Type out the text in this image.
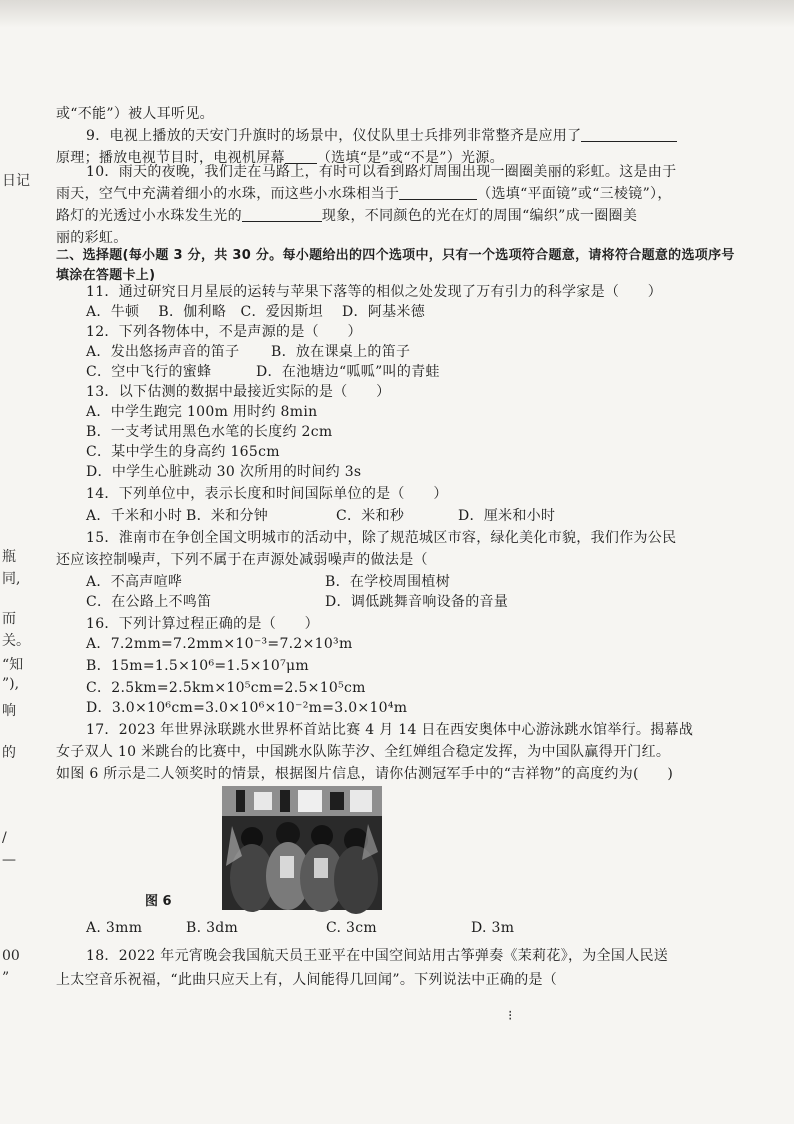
日记
瓶
同,
而
关。
“知
”),
响
的
/
—
00
”
或“不能”）被人耳听见。
9．电视上播放的天安门升旗时的场景中，仪仗队里士兵排列非常整齐是应用了
原理；播放电视节目时，电视机屏幕 （选填“是”或“不是”）光源。
10．雨天的夜晚，我们走在马路上，有时可以看到路灯周围出现一圈圈美丽的彩虹。这是由于
雨天，空气中充满着细小的水珠，而这些小水珠相当于	（选填“平面镜”或“三棱镜”），
路灯的光透过小水珠发生光的	现象，不同颜色的光在灯的周围“编织”成一圈圈美
丽的彩虹。
二、选择题(每小题 3 分，共 30 分。每小题给出的四个选项中，只有一个选项符合题意，请将符合题意的选项序号
填涂在答题卡上)
11．通过研究日月星辰的运转与苹果下落等的相似之处发现了万有引力的科学家是（　　）
A．牛顿　 B．伽利略　C．爱因斯坦　 D．阿基米德
12．下列各物体中，不是声源的是（　　）
A．发出悠扬声音的笛子 B．放在课桌上的笛子
C．空中飞行的蜜蜂	D．在池塘边“呱呱”叫的青蛙
13．以下估测的数据中最接近实际的是（　　）
A．中学生跑完 100m 用时约 8min
B．一支考试用黑色水笔的长度约 2cm
C．某中学生的身高约 165cm
D．中学生心脏跳动 30 次所用的时间约 3s
14．下列单位中，表示长度和时间国际单位的是（　　）
A．千米和小时 B．米和分钟	C．米和秒	D．厘米和小时
15．淮南市在争创全国文明城市的活动中，除了规范城区市容，绿化美化市貌，我们作为公民
还应该控制噪声，下列不属于在声源处减弱噪声的做法是（
A．不高声喧哗	B．在学校周围植树
C．在公路上不鸣笛	D．调低跳舞音响设备的音量
16．下列计算过程正确的是（　　）
A．7.2mm=7.2mm×10⁻³=7.2×10³m
B．15m=1.5×10⁶=1.5×10⁷μm
C．2.5km=2.5km×10⁵cm=2.5×10⁵cm
D．3.0×10⁶cm=3.0×10⁶×10⁻²m=3.0×10⁴m
17．2023 年世界泳联跳水世界杯首站比赛 4 月 14 日在西安奥体中心游泳跳水馆举行。揭幕战
女子双人 10 米跳台的比赛中，中国跳水队陈芋汐、全红婵组合稳定发挥，为中国队赢得开门红。
如图 6 所示是二人领奖时的情景，根据图片信息，请你估测冠军手中的“吉祥物”的高度约为(　　)
图 6
A. 3mm	B. 3dm	C. 3cm	D. 3m
18．2022 年元宵晚会我国航天员王亚平在中国空间站用古筝弹奏《茉莉花》，为全国人民送
上太空音乐祝福，“此曲只应天上有，人间能得几回闻”。下列说法中正确的是（
⁝
